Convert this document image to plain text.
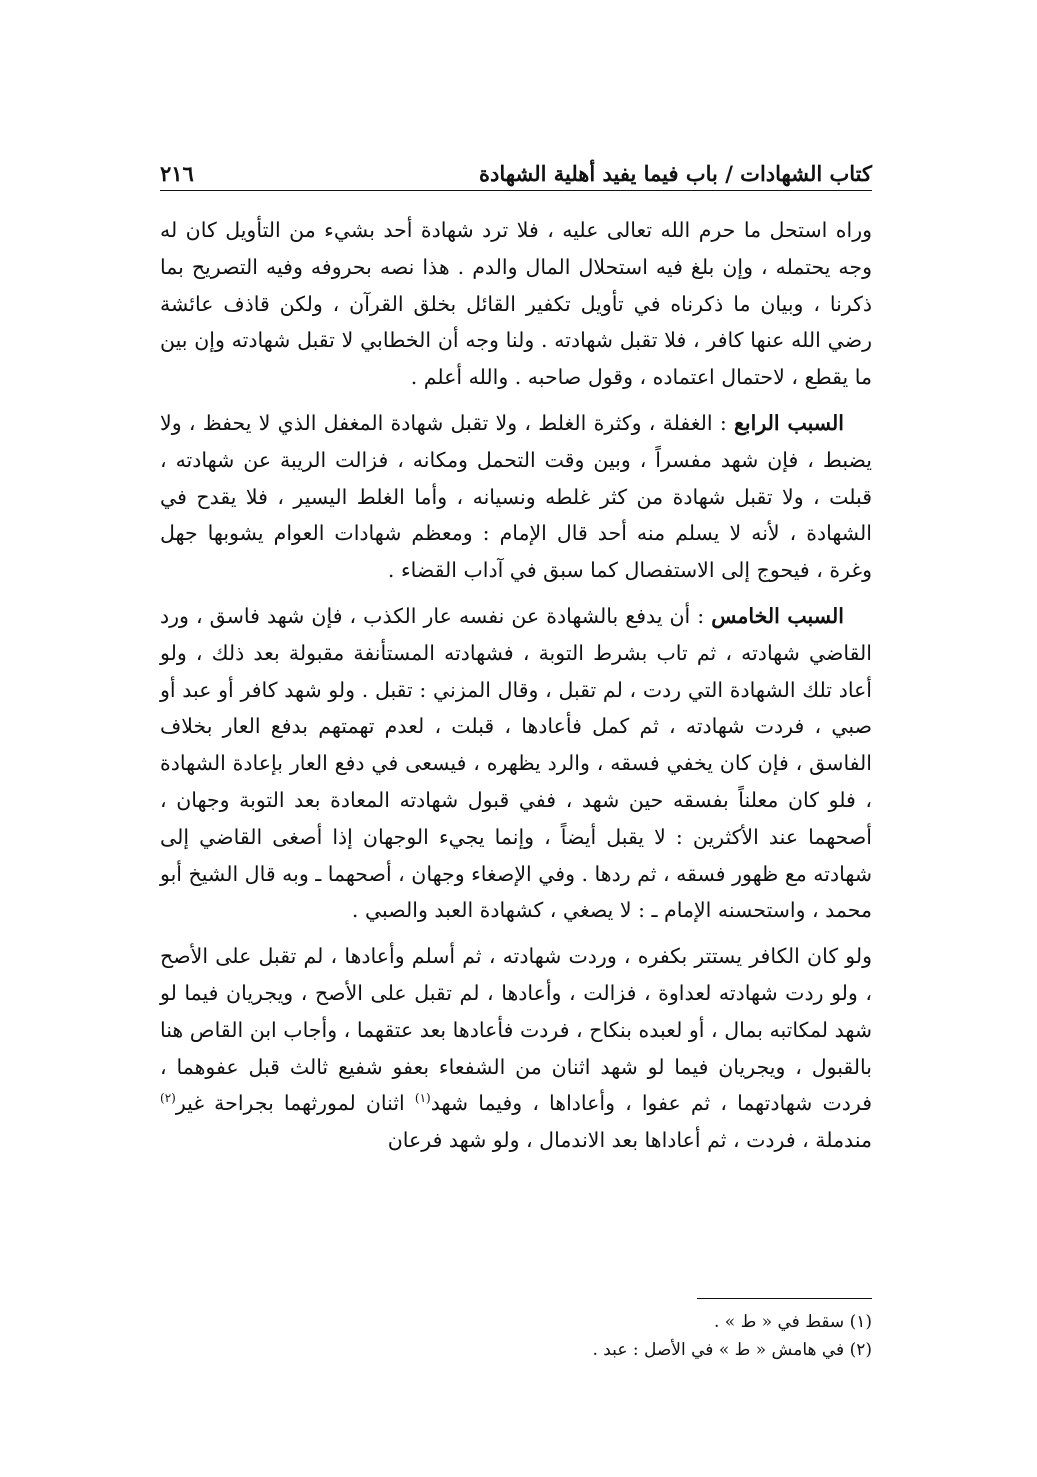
كتاب الشهادات / باب فيما يفيد أهلية الشهادة
٢١٦

وراه استحل ما حرم الله تعالى عليه ، فلا ترد شهادة أحد بشيء من التأويل كان له وجه يحتمله ، وإن بلغ فيه استحلال المال والدم . هذا نصه بحروفه وفيه التصريح بما ذكرنا ، وبيان ما ذكرناه في تأويل تكفير القائل بخلق القرآن ، ولكن قاذف عائشة رضي الله عنها كافر ، فلا تقبل شهادته . ولنا وجه أن الخطابي لا تقبل شهادته وإن بين ما يقطع ، لاحتمال اعتماده ، وقول صاحبه . والله أعلم .

السبب الرابع : الغفلة ، وكثرة الغلط ، ولا تقبل شهادة المغفل الذي لا يحفظ ، ولا يضبط ، فإن شهد مفسراً ، وبين وقت التحمل ومكانه ، فزالت الريبة عن شهادته ، قبلت ، ولا تقبل شهادة من كثر غلطه ونسيانه ، وأما الغلط اليسير ، فلا يقدح في الشهادة ، لأنه لا يسلم منه أحد قال الإمام : ومعظم شهادات العوام يشوبها جهل وغرة ، فيحوج إلى الاستفصال كما سبق في آداب القضاء .

السبب الخامس : أن يدفع بالشهادة عن نفسه عار الكذب ، فإن شهد فاسق ، ورد القاضي شهادته ، ثم تاب بشرط التوبة ، فشهادته المستأنفة مقبولة بعد ذلك ، ولو أعاد تلك الشهادة التي ردت ، لم تقبل ، وقال المزني : تقبل . ولو شهد كافر أو عبد أو صبي ، فردت شهادته ، ثم كمل فأعادها ، قبلت ، لعدم تهمتهم بدفع العار بخلاف الفاسق ، فإن كان يخفي فسقه ، والرد يظهره ، فيسعى في دفع العار بإعادة الشهادة ، فلو كان معلناً بفسقه حين شهد ، ففي قبول شهادته المعادة بعد التوبة وجهان ، أصحهما عند الأكثرين : لا يقبل أيضاً ، وإنما يجيء الوجهان إذا أصغى القاضي إلى شهادته مع ظهور فسقه ، ثم ردها . وفي الإصغاء وجهان ، أصحهما ـ وبه قال الشيخ أبو محمد ، واستحسنه الإمام ـ : لا يصغي ، كشهادة العبد والصبي .

ولو كان الكافر يستتر بكفره ، وردت شهادته ، ثم أسلم وأعادها ، لم تقبل على الأصح ، ولو ردت شهادته لعداوة ، فزالت ، وأعادها ، لم تقبل على الأصح ، ويجريان فيما لو شهد لمكاتبه بمال ، أو لعبده بنكاح ، فردت فأعادها بعد عتقهما ، وأجاب ابن القاص هنا بالقبول ، ويجريان فيما لو شهد اثنان من الشفعاء بعفو شفيع ثالث قبل عفوهما ، فردت شهادتهما ، ثم عفوا ، وأعاداها ، وفيما شهد$^{(١)}$ اثنان لمورثهما بجراحة غير$^{(٢)}$ مندملة ، فردت ، ثم أعاداها بعد الاندمال ، ولو شهد فرعان

(١) سقط في « ط » .
(٢) في هامش « ط » في الأصل : عبد .
